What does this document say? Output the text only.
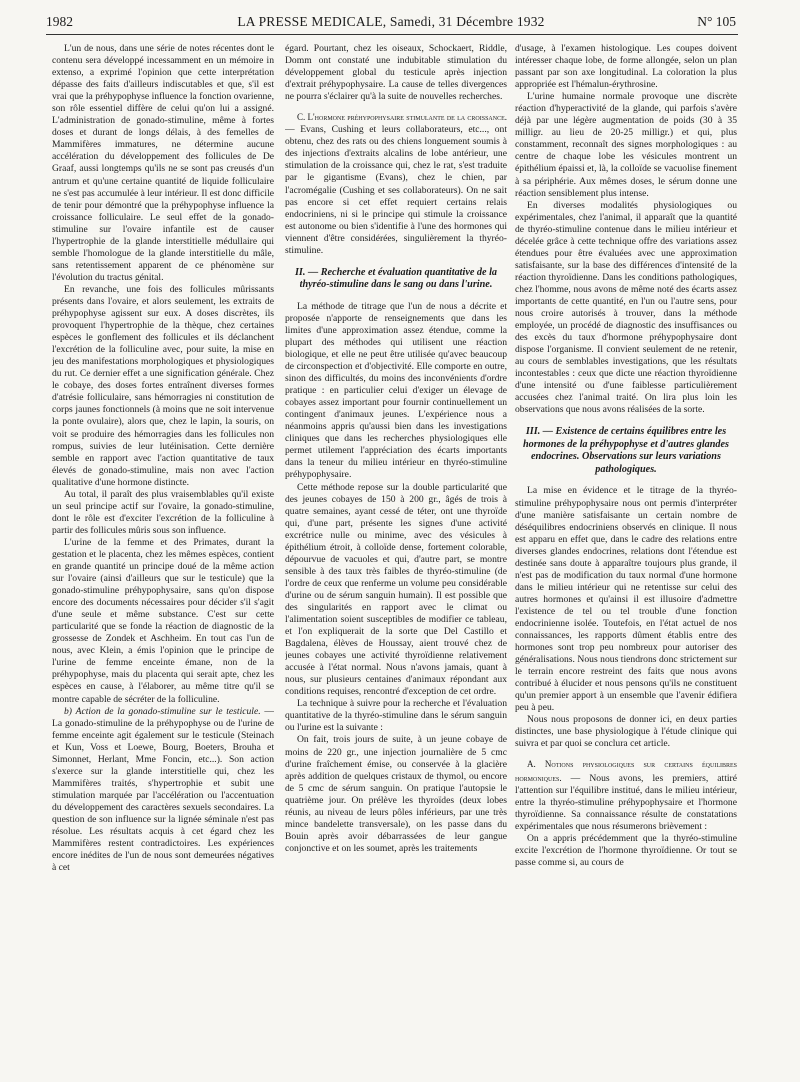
1982	LA PRESSE MEDICALE, Samedi, 31 Décembre 1932	N° 105

L'un de nous, dans une série de notes récentes dont le contenu sera développé incessamment en un mémoire in extenso, a exprimé l'opinion que cette interprétation dépasse des faits d'ailleurs indiscutables et que, s'il est vrai que la préhypophyse influence la fonction ovarienne, son rôle essentiel diffère de celui qu'on lui a assigné. L'administration de gonado-stimuline, même à fortes doses et durant de longs délais, à des femelles de Mammifères immatures, ne détermine aucune accélération du développement des follicules de De Graaf, aussi longtemps qu'ils ne se sont pas creusés d'un antrum et qu'une certaine quantité de liquide folliculaire ne s'est pas accumulée à leur intérieur. Il est donc difficile de tenir pour démontré que la préhypophyse influence la croissance folliculaire. Le seul effet de la gonado-stimuline sur l'ovaire infantile est de causer l'hypertrophie de la glande interstitielle médullaire qui semble l'homologue de la glande interstitielle du mâle, sans retentissement apparent de ce phénomène sur l'évolution du tractus génital.

En revanche, une fois des follicules mûrissants présents dans l'ovaire, et alors seulement, les extraits de préhypophyse agissent sur eux. A doses discrètes, ils provoquent l'hypertrophie de la thèque, chez certaines espèces le gonflement des follicules et ils déclanchent l'excrétion de la folliculine avec, pour suite, la mise en jeu des manifestations morphologiques et physiologiques du rut. Ce dernier effet a une signification générale. Chez le cobaye, des doses fortes entraînent diverses formes d'atrésie folliculaire, sans hémorragies ni constitution de corps jaunes fonctionnels (à moins que ne soit intervenue la ponte ovulaire), alors que, chez le lapin, la souris, on voit se produire des hémorragies dans les follicules non rompus, suivies de leur lutéinisation. Cette dernière semble en rapport avec l'action quantitative de taux élevés de gonado-stimuline, mais non avec l'action qualitative d'une hormone distincte.

Au total, il paraît des plus vraisemblables qu'il existe un seul principe actif sur l'ovaire, la gonado-stimuline, dont le rôle est d'exciter l'excrétion de la folliculine à partir des follicules mûris sous son influence.

L'urine de la femme et des Primates, durant la gestation et le placenta, chez les mêmes espèces, contient en grande quantité un principe doué de la même action sur l'ovaire (ainsi d'ailleurs que sur le testicule) que la gonado-stimuline préhypophysaire, sans qu'on dispose encore des documents nécessaires pour décider s'il s'agit d'une seule et même substance. C'est sur cette particularité que se fonde la réaction de diagnostic de la grossesse de Zondek et Aschheim. En tout cas l'un de nous, avec Klein, a émis l'opinion que le principe de l'urine de femme enceinte émane, non de la préhypophyse, mais du placenta qui serait apte, chez les espèces en cause, à l'élaborer, au même titre qu'il se montre capable de sécréter de la folliculine.

b) Action de la gonado-stimuline sur le testicule. — La gonado-stimuline de la préhypophyse ou de l'urine de femme enceinte agit également sur le testicule (Steinach et Kun, Voss et Loewe, Bourg, Boeters, Brouha et Simonnet, Herlant, Mme Foncin, etc...). Son action s'exerce sur la glande interstitielle qui, chez les Mammifères traités, s'hypertrophie et subit une stimulation marquée par l'accélération ou l'accentuation du développement des caractères sexuels secondaires. La question de son influence sur la lignée séminale n'est pas résolue. Les résultats acquis à cet égard chez les Mammifères restent contradictoires. Les expériences encore inédites de l'un de nous sont demeurées négatives à cet

égard. Pourtant, chez les oiseaux, Schockaert, Riddle, Domm ont constaté une indubitable stimulation du développement global du testicule après injection d'extrait préhypophysaire. La cause de telles divergences ne pourra s'éclairer qu'à la suite de nouvelles recherches.

C. L'hormone préhypophysaire stimulante de la croissance. — Evans, Cushing et leurs collaborateurs, etc..., ont obtenu, chez des rats ou des chiens longuement soumis à des injections d'extraits alcalins de lobe antérieur, une stimulation de la croissance qui, chez le rat, s'est traduite par le gigantisme (Evans), chez le chien, par l'acromégalie (Cushing et ses collaborateurs). On ne sait pas encore si cet effet requiert certains relais endocriniens, ni si le principe qui stimule la croissance est autonome ou bien s'identifie à l'une des hormones qui viennent d'être considérées, singulièrement la thyréo-stimuline.

II. — Recherche et évaluation quantitative de la thyréo-stimuline dans le sang ou dans l'urine.

La méthode de titrage que l'un de nous a décrite et proposée n'apporte de renseignements que dans les limites d'une approximation assez étendue, comme la plupart des méthodes qui utilisent une réaction biologique, et elle ne peut être utilisée qu'avec beaucoup de circonspection et d'objectivité. Elle comporte en outre, sinon des difficultés, du moins des inconvénients d'ordre pratique : en particulier celui d'exiger un élevage de cobayes assez important pour fournir continuellement un contingent d'animaux jeunes. L'expérience nous a néanmoins appris qu'aussi bien dans les investigations cliniques que dans les recherches physiologiques elle permet utilement l'appréciation des écarts importants dans la teneur du milieu intérieur en thyréo-stimuline préhypophysaire.

Cette méthode repose sur la double particularité que des jeunes cobayes de 150 à 200 gr., âgés de trois à quatre semaines, ayant cessé de téter, ont une thyroïde qui, d'une part, présente les signes d'une activité excrétrice nulle ou minime, avec des vésicules à épithélium étroit, à colloïde dense, fortement colorable, dépourvue de vacuoles et qui, d'autre part, se montre sensible à des taux très faibles de thyréo-stimuline (de l'ordre de ceux que renferme un volume peu considérable d'urine ou de sérum sanguin humain). Il est possible que des singularités en rapport avec le climat ou l'alimentation soient susceptibles de modifier ce tableau, et l'on expliquerait de la sorte que Del Castillo et Bagdalena, élèves de Houssay, aient trouvé chez de jeunes cobayes une activité thyroïdienne relativement accusée à l'état normal. Nous n'avons jamais, quant à nous, sur plusieurs centaines d'animaux répondant aux conditions requises, rencontré d'exception de cet ordre.

La technique à suivre pour la recherche et l'évaluation quantitative de la thyréo-stimuline dans le sérum sanguin ou l'urine est la suivante :

On fait, trois jours de suite, à un jeune cobaye de moins de 220 gr., une injection journalière de 5 cmc d'urine fraîchement émise, ou conservée à la glacière après addition de quelques cristaux de thymol, ou encore de 5 cmc de sérum sanguin. On pratique l'autopsie le quatrième jour. On prélève les thyroïdes (deux lobes réunis, au niveau de leurs pôles inférieurs, par une très mince bandelette transversale), on les passe dans du Bouin après avoir débarrassées de leur gangue conjonctive et on les soumet, après les traitements

d'usage, à l'examen histologique. Les coupes doivent intéresser chaque lobe, de forme allongée, selon un plan passant par son axe longitudinal. La coloration la plus appropriée est l'hémalun-érythrosine.

L'urine humaine normale provoque une discrète réaction d'hyperactivité de la glande, qui parfois s'avère déjà par une légère augmentation de poids (30 à 35 milligr. au lieu de 20-25 milligr.) et qui, plus constamment, reconnaît des signes morphologiques : au centre de chaque lobe les vésicules montrent un épithélium épaissi et, là, la colloïde se vacuolise finement à sa périphérie. Aux mêmes doses, le sérum donne une réaction sensiblement plus intense.

En diverses modalités physiologiques ou expérimentales, chez l'animal, il apparaît que la quantité de thyréo-stimuline contenue dans le milieu intérieur et décelée grâce à cette technique offre des variations assez étendues pour être évaluées avec une approximation satisfaisante, sur la base des différences d'intensité de la réaction thyroïdienne. Dans les conditions pathologiques, chez l'homme, nous avons de même noté des écarts assez importants de cette quantité, en l'un ou l'autre sens, pour nous croire autorisés à trouver, dans la méthode employée, un procédé de diagnostic des insuffisances ou des excès du taux d'hormone préhypophysaire dont dispose l'organisme. Il convient seulement de ne retenir, au cours de semblables investigations, que les résultats incontestables : ceux que dicte une réaction thyroïdienne d'une intensité ou d'une faiblesse particulièrement accusées chez l'animal traité. On lira plus loin les observations que nous avons réalisées de la sorte.

III. — Existence de certains équilibres entre les hormones de la préhypophyse et d'autres glandes endocrines. Observations sur leurs variations pathologiques.

La mise en évidence et le titrage de la thyréo-stimuline préhypophysaire nous ont permis d'interpréter d'une manière satisfaisante un certain nombre de déséquilibres endocriniens observés en clinique. Il nous est apparu en effet que, dans le cadre des relations entre diverses glandes endocrines, relations dont l'étendue est destinée sans doute à apparaître toujours plus grande, il n'est pas de modification du taux normal d'une hormone dans le milieu intérieur qui ne retentisse sur celui des autres hormones et qu'ainsi il est illusoire d'admettre l'existence de tel ou tel trouble d'une fonction endocrinienne isolée. Toutefois, en l'état actuel de nos connaissances, les rapports dûment établis entre des hormones sont trop peu nombreux pour autoriser des généralisations. Nous nous tiendrons donc strictement sur le terrain encore restreint des faits que nous avons contribué à élucider et nous pensons qu'ils ne constituent qu'un premier apport à un ensemble que l'avenir édifiera peu à peu.

Nous nous proposons de donner ici, en deux parties distinctes, une base physiologique à l'étude clinique qui suivra et par quoi se conclura cet article.

A. Notions physiologiques sur certains équilibres hormoniques. — Nous avons, les premiers, attiré l'attention sur l'équilibre institué, dans le milieu intérieur, entre la thyréo-stimuline préhypophysaire et l'hormone thyroïdienne. Sa connaissance résulte de constatations expérimentales que nous résumerons brièvement :

On a appris précédemment que la thyréo-stimuline excite l'excrétion de l'hormone thyroïdienne. Or tout se passe comme si, au cours de
